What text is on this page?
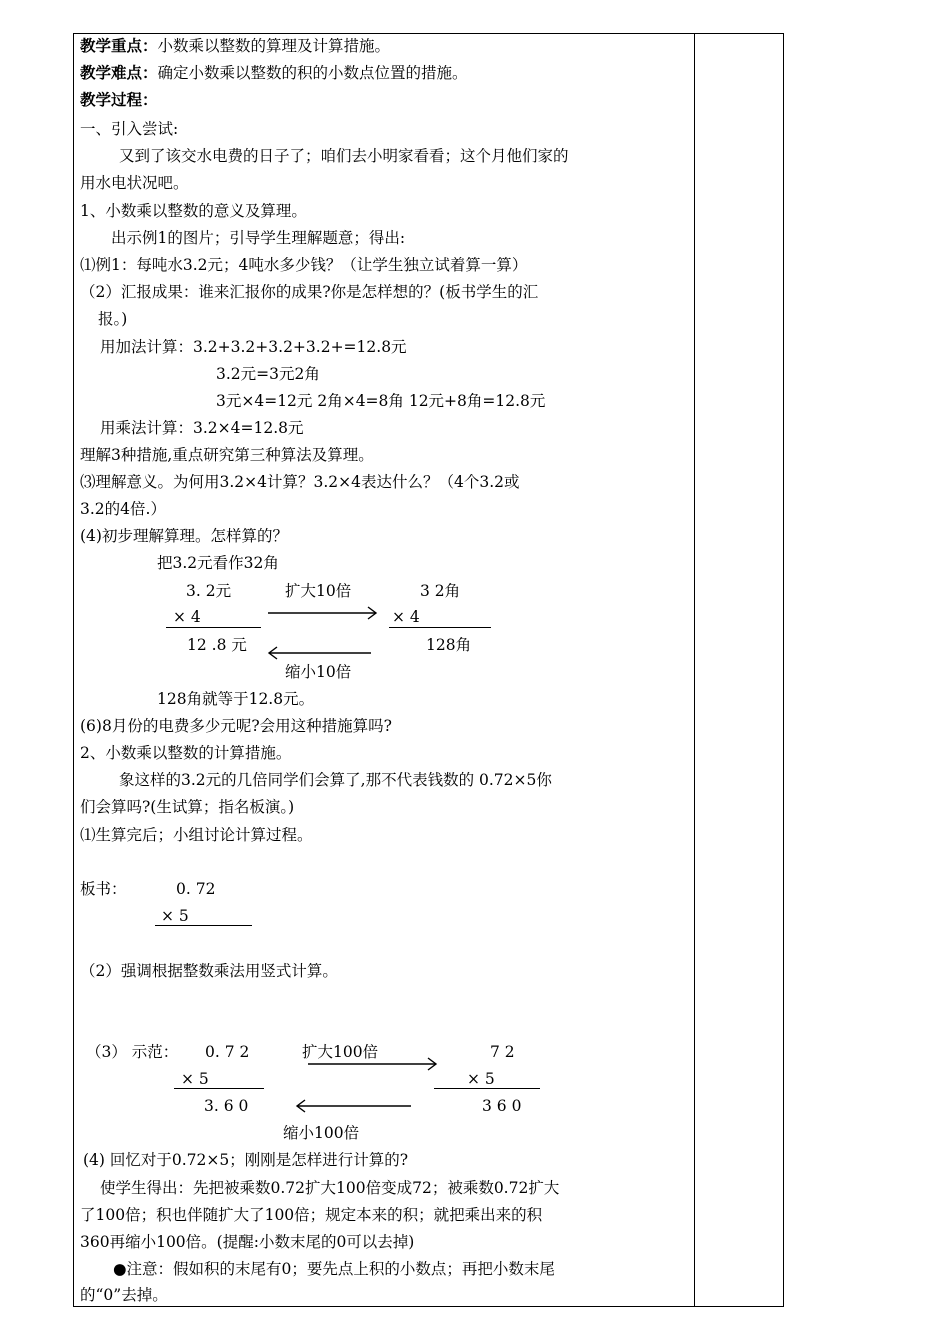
教学重点：小数乘以整数的算理及计算措施。
教学难点：确定小数乘以整数的积的小数点位置的措施。
教学过程：
一、引入尝试:
又到了该交水电费的日子了；咱们去小明家看看；这个月他们家的
用水电状况吧。
1、小数乘以整数的意义及算理。
出示例1的图片；引导学生理解题意；得出:
⑴例1：每吨水3.2元；4吨水多少钱？（让学生独立试着算一算）
（2）汇报成果：谁来汇报你的成果?你是怎样想的？(板书学生的汇
报。)
用加法计算：3.2+3.2+3.2+3.2+=12.8元
3.2元=3元2角
3元×4=12元 2角×4=8角 12元+8角=12.8元
用乘法计算：3.2×4=12.8元
理解3种措施,重点研究第三种算法及算理。
⑶理解意义。为何用3.2×4计算？3.2×4表达什么？（4个3.2或
3.2的4倍.）
(4)初步理解算理。怎样算的？
把3.2元看作32角
3. 2元	扩大10倍	3 2角
× 4	× 4
12 .8 元	128角
缩小10倍
128角就等于12.8元。
(6)8月份的电费多少元呢?会用这种措施算吗?
2、小数乘以整数的计算措施。
象这样的3.2元的几倍同学们会算了,那不代表钱数的 0.72×5你
们会算吗?(生试算；指名板演。)
⑴生算完后；小组讨论计算过程。
板书：	0. 72
× 5
（2）强调根据整数乘法用竖式计算。
（3） 示范： 0. 7 2	扩大100倍	7 2
× 5	× 5
3. 6 0	3 6 0
缩小100倍
(4) 回忆对于0.72×5；刚刚是怎样进行计算的?
使学生得出：先把被乘数0.72扩大100倍变成72；被乘数0.72扩大
了100倍；积也伴随扩大了100倍；规定本来的积；就把乘出来的积
360再缩小100倍。(提醒:小数末尾的0可以去掉)
●注意：假如积的末尾有0；要先点上积的小数点；再把小数末尾
的“0”去掉。
